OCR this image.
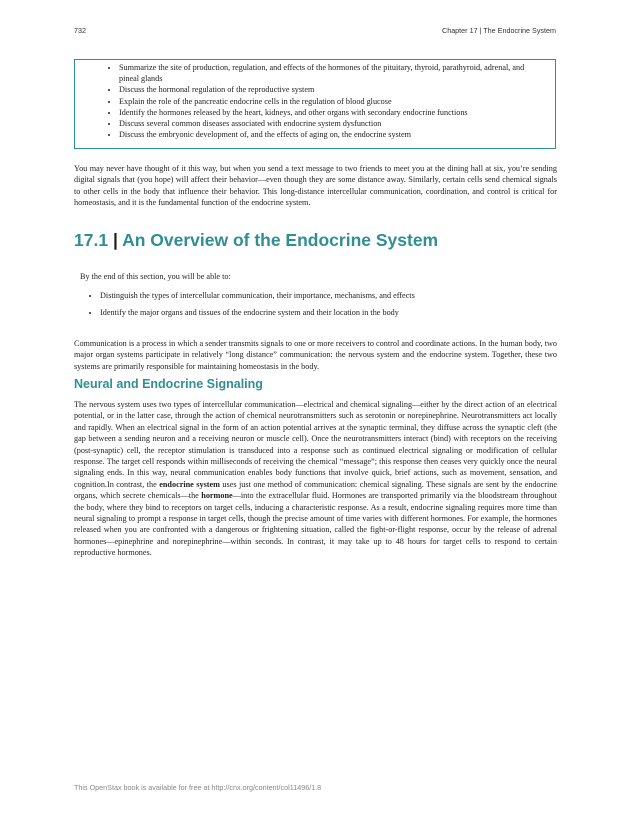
732	Chapter 17 | The Endocrine System
• Summarize the site of production, regulation, and effects of the hormones of the pituitary, thyroid, parathyroid, adrenal, and pineal glands
• Discuss the hormonal regulation of the reproductive system
• Explain the role of the pancreatic endocrine cells in the regulation of blood glucose
• Identify the hormones released by the heart, kidneys, and other organs with secondary endocrine functions
• Discuss several common diseases associated with endocrine system dysfunction
• Discuss the embryonic development of, and the effects of aging on, the endocrine system

You may never have thought of it this way, but when you send a text message to two friends to meet you at the dining hall at six, you’re sending digital signals that (you hope) will affect their behavior—even though they are some distance away. Similarly, certain cells send chemical signals to other cells in the body that influence their behavior. This long-distance intercellular communication, coordination, and control is critical for homeostasis, and it is the fundamental function of the endocrine system.

17.1 | An Overview of the Endocrine System

By the end of this section, you will be able to:

• Distinguish the types of intercellular communication, their importance, mechanisms, and effects
• Identify the major organs and tissues of the endocrine system and their location in the body

Communication is a process in which a sender transmits signals to one or more receivers to control and coordinate actions. In the human body, two major organ systems participate in relatively “long distance” communication: the nervous system and the endocrine system. Together, these two systems are primarily responsible for maintaining homeostasis in the body.

Neural and Endocrine Signaling

The nervous system uses two types of intercellular communication—electrical and chemical signaling—either by the direct action of an electrical potential, or in the latter case, through the action of chemical neurotransmitters such as serotonin or norepinephrine. Neurotransmitters act locally and rapidly. When an electrical signal in the form of an action potential arrives at the synaptic terminal, they diffuse across the synaptic cleft (the gap between a sending neuron and a receiving neuron or muscle cell). Once the neurotransmitters interact (bind) with receptors on the receiving (post-synaptic) cell, the receptor stimulation is transduced into a response such as continued electrical signaling or modification of cellular response. The target cell responds within milliseconds of receiving the chemical “message”; this response then ceases very quickly once the neural signaling ends. In this way, neural communication enables body functions that involve quick, brief actions, such as movement, sensation, and cognition.In contrast, the endocrine system uses just one method of communication: chemical signaling. These signals are sent by the endocrine organs, which secrete chemicals—the hormone—into the extracellular fluid. Hormones are transported primarily via the bloodstream throughout the body, where they bind to receptors on target cells, inducing a characteristic response. As a result, endocrine signaling requires more time than neural signaling to prompt a response in target cells, though the precise amount of time varies with different hormones. For example, the hormones released when you are confronted with a dangerous or frightening situation, called the fight-or-flight response, occur by the release of adrenal hormones—epinephrine and norepinephrine—within seconds. In contrast, it may take up to 48 hours for target cells to respond to certain reproductive hormones.

This OpenStax book is available for free at http://cnx.org/content/col11496/1.8
